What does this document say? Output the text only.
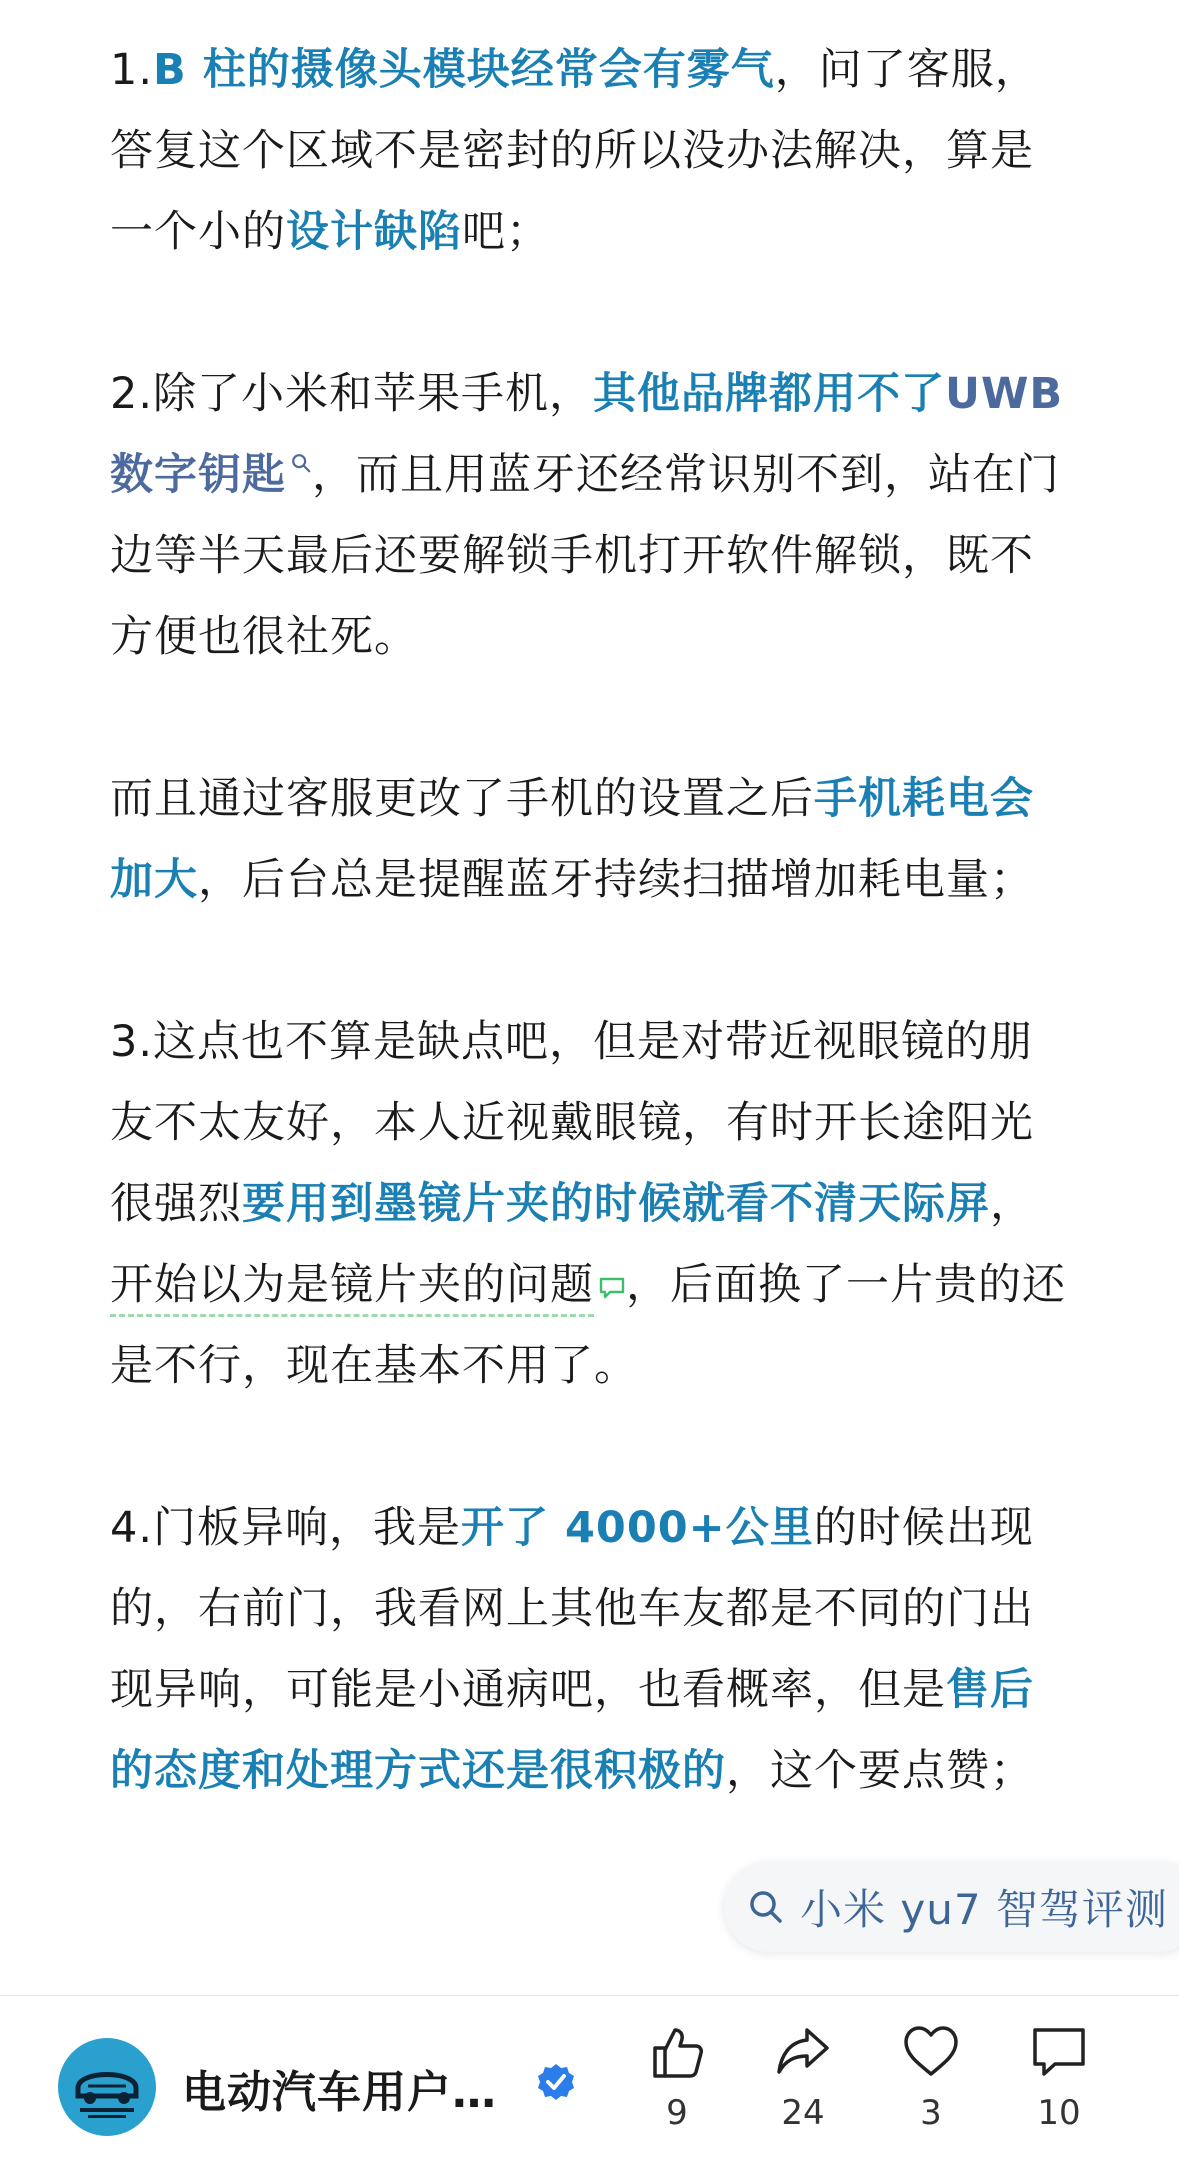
1.B 柱的摄像头模块经常会有雾气，问了客服，答复这个区域不是密封的所以没办法解决，算是一个小的设计缺陷吧；

2.除了小米和苹果手机，其他品牌都用不了UWB 数字钥匙 ，而且用蓝牙还经常识别不到，站在门边等半天最后还要解锁手机打开软件解锁，既不方便也很社死。

而且通过客服更改了手机的设置之后手机耗电会加大，后台总是提醒蓝牙持续扫描增加耗电量；

3.这点也不算是缺点吧，但是对带近视眼镜的朋友不太友好，本人近视戴眼镜，有时开长途阳光很强烈要用到墨镜片夹的时候就看不清天际屏，开始以为是镜片夹的问题 ，后面换了一片贵的还是不行，现在基本不用了。

4.门板异响，我是开了 4000+公里的时候出现的，右前门，我看网上其他车友都是不同的门出现异响，可能是小通病吧，也看概率，但是售后的态度和处理方式还是很积极的，这个要点赞；

小米 yu7 智驾评测
电动汽车用户…	9	24	3	10
